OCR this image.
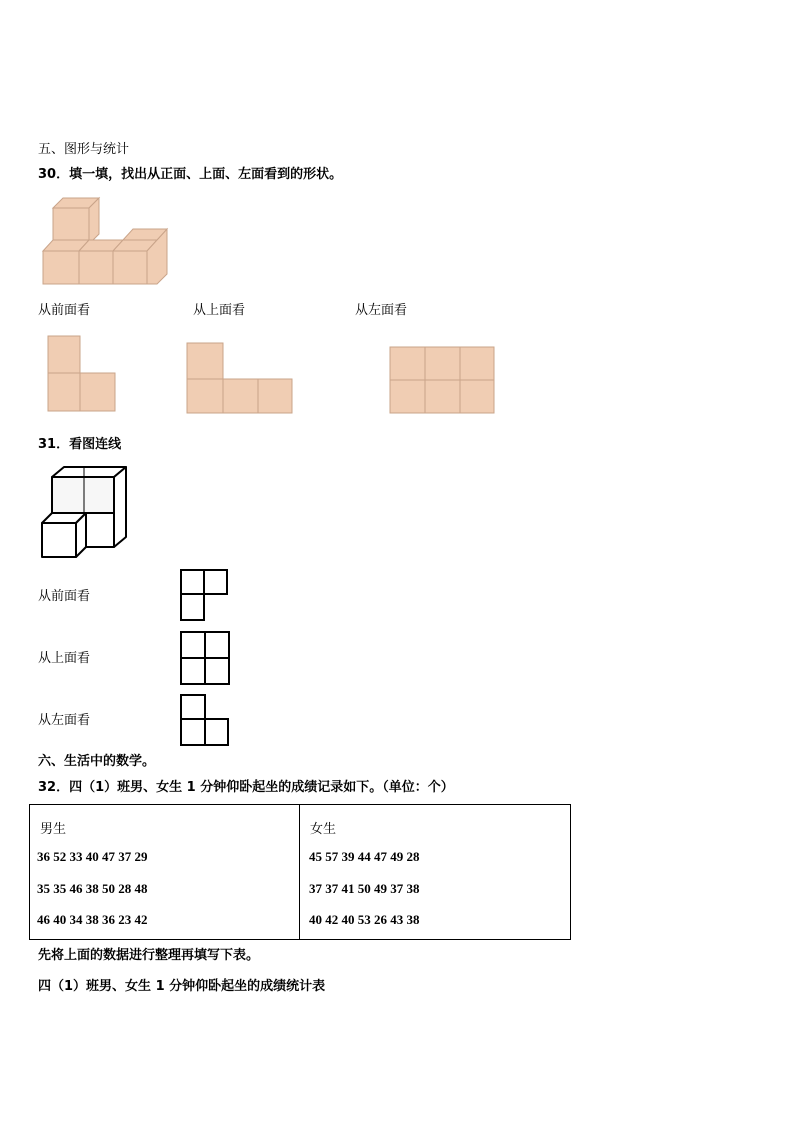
五、图形与统计
30．填一填，找出从正面、上面、左面看到的形状。
从前面看	从上面看	从左面看
31．看图连线
从前面看
从上面看
从左面看
六、生活中的数学。
32．四（1）班男、女生 1 分钟仰卧起坐的成绩记录如下。（单位：个）
男生
36 52 33 40 47 37 29
35 35 46 38 50 28 48
46 40 34 38 36 23 42
女生
45 57 39 44 47 49 28
37 37 41 50 49 37 38
40 42 40 53 26 43 38
先将上面的数据进行整理再填写下表。
四（1）班男、女生 1 分钟仰卧起坐的成绩统计表
